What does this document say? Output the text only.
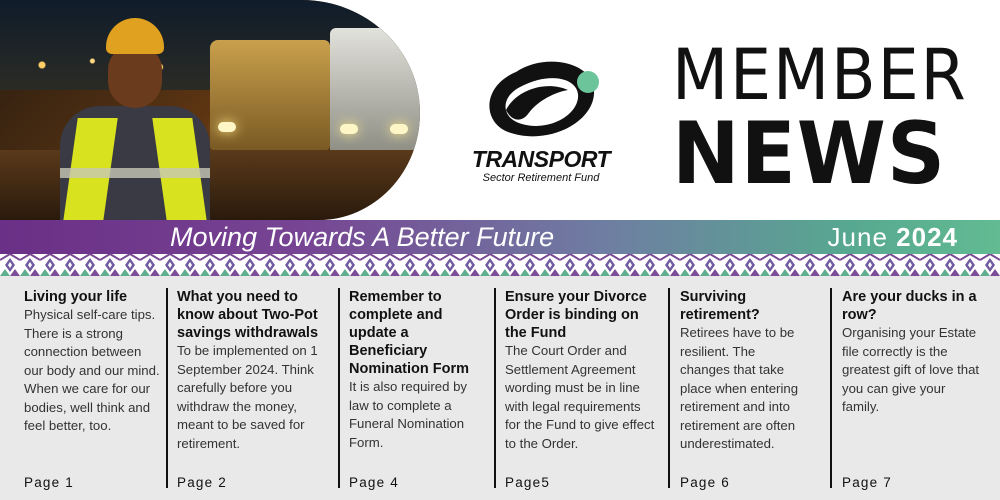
TRANSPORT
Sector Retirement Fund
MEMBER
NEWS
Moving Towards A Better Future	June 2024
Living your life

Physical self-care tips. There is a strong connection between our body and our mind. When we care for our bodies, well think and feel better, too.

Page 1
What you need to know about Two-Pot savings withdrawals

To be implemented on 1 September 2024. Think carefully before you withdraw the money, meant to be saved for retirement.

Page 2
Remember to complete and update a Beneficiary Nomination Form

It is also required by law to complete a Funeral Nomination Form.

Page 4
Ensure your Divorce Order is binding on the Fund

The Court Order and Settlement Agreement wording must be in line with legal requirements for the Fund to give effect to the Order.

Page5
Surviving retirement?

Retirees have to be resilient. The changes that take place when entering retirement and into retirement are often underestimated.

Page 6
Are your ducks in a row?

Organising your Estate file correctly is the greatest gift of love that you can give your family.

Page 7
